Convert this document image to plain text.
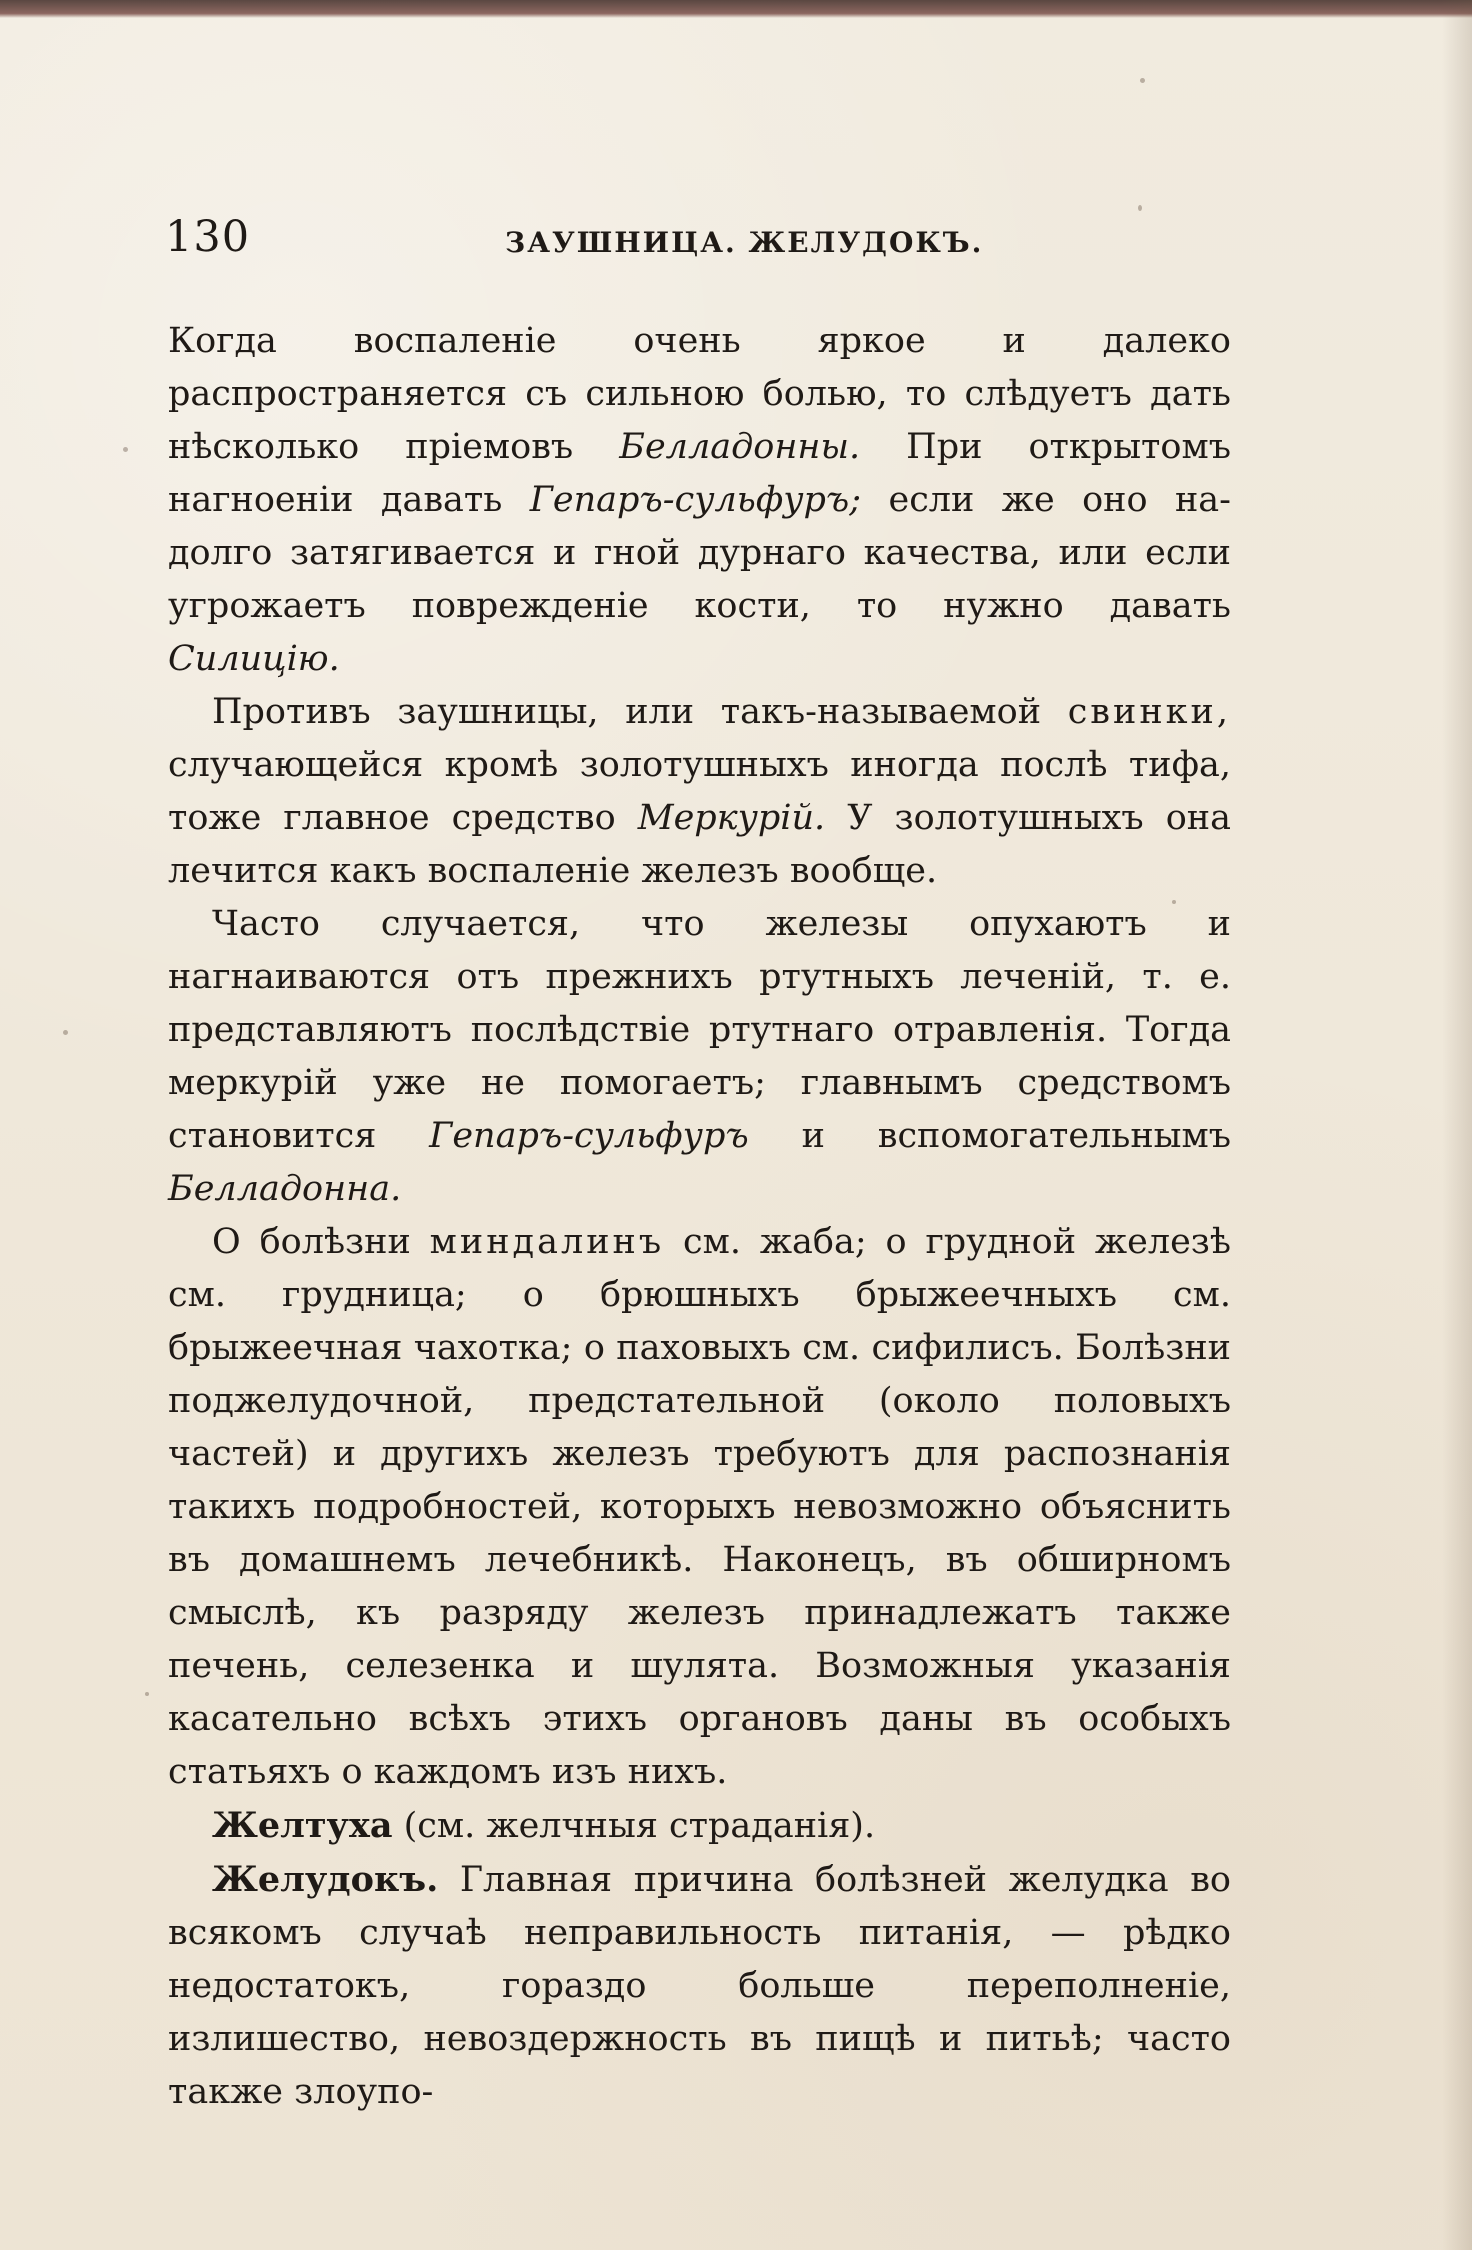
130	ЗАУШНИЦА. ЖЕЛУДОКЪ.

Когда воспаленіе очень яркое и далеко распространяется съ сильною болью, то слѣдуетъ дать нѣсколько пріемовъ Белладонны. При открытомъ нагноеніи давать Гепаръ-сульфуръ; если же оно на-долго затягивается и гной дурнаго качества, или если угрожаетъ поврежденіе кости, то нужно давать Силицію.

Противъ заушницы, или такъ-называемой свинки, случающейся кромѣ золотушныхъ иногда послѣ тифа, тоже главное средство Меркурій. У золотушныхъ она лечится какъ воспаленіе железъ вообще.

Часто случается, что железы опухаютъ и нагнаиваются отъ прежнихъ ртутныхъ леченій, т. е. представляютъ послѣдствіе ртутнаго отравленія. Тогда меркурій уже не помогаетъ; главнымъ средствомъ становится Гепаръ-сульфуръ и вспомогательнымъ Белладонна.

О болѣзни миндалинъ см. жаба; о грудной железѣ см. грудница; о брюшныхъ брыжеечныхъ см. брыжеечная чахотка; о паховыхъ см. сифилисъ. Болѣзни поджелудочной, предстательной (около половыхъ частей) и другихъ железъ требуютъ для распознанія такихъ подробностей, которыхъ невозможно объяснить въ домашнемъ лечебникѣ. Наконецъ, въ обширномъ смыслѣ, къ разряду железъ принадлежатъ также печень, селезенка и шулята. Возможныя указанія касательно всѣхъ этихъ органовъ даны въ особыхъ статьяхъ о каждомъ изъ нихъ.

Желтуха (см. желчныя страданія).

Желудокъ. Главная причина болѣзней желудка во всякомъ случаѣ неправильность питанія, — рѣдко недостатокъ, гораздо больше переполненіе, излишество, невоздержность въ пищѣ и питьѣ; часто также злоупо-
